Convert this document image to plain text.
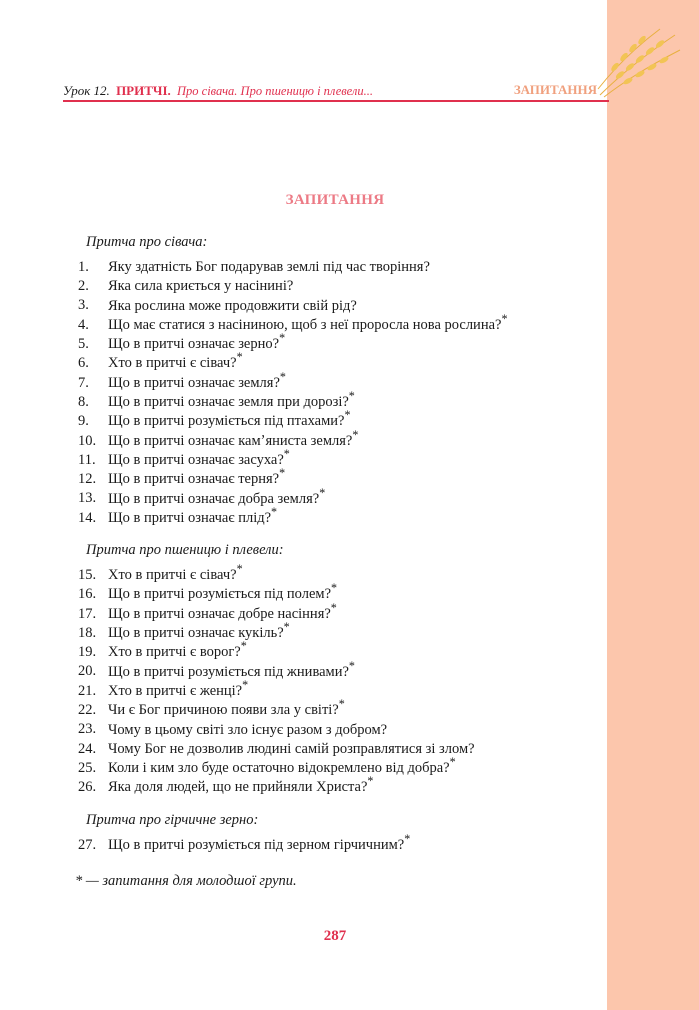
Урок 12. ПРИТЧІ. Про сівача. Про пшеницю і плевели...	ЗАПИТАННЯ
ЗАПИТАННЯ
Притча про сівача:
1. Яку здатність Бог подарував землі під час творіння?
2. Яка сила криється у насінині?
3. Яка рослина може продовжити свій рід?
4. Що має статися з насіниною, щоб з неї проросла нова рослина?*
5. Що в притчі означає зерно?*
6. Хто в притчі є сівач?*
7. Що в притчі означає земля?*
8. Що в притчі означає земля при дорозі?*
9. Що в притчі розуміється під птахами?*
10. Що в притчі означає камʼяниста земля?*
11. Що в притчі означає засуха?*
12. Що в притчі означає терня?*
13. Що в притчі означає добра земля?*
14. Що в притчі означає плід?*
Притча про пшеницю і плевели:
15. Хто в притчі є сівач?*
16. Що в притчі розуміється під полем?*
17. Що в притчі означає добре насіння?*
18. Що в притчі означає кукіль?*
19. Хто в притчі є ворог?*
20. Що в притчі розуміється під жнивами?*
21. Хто в притчі є женці?*
22. Чи є Бог причиною появи зла у світі?*
23. Чому в цьому світі зло існує разом з добром?
24. Чому Бог не дозволив людині самій розправлятися зі злом?
25. Коли і ким зло буде остаточно відокремлено від добра?*
26. Яка доля людей, що не прийняли Христа?*
Притча про гірчичне зерно:
27. Що в притчі розуміється під зерном гірчичним?*
* — запитання для молодшої групи.
287
